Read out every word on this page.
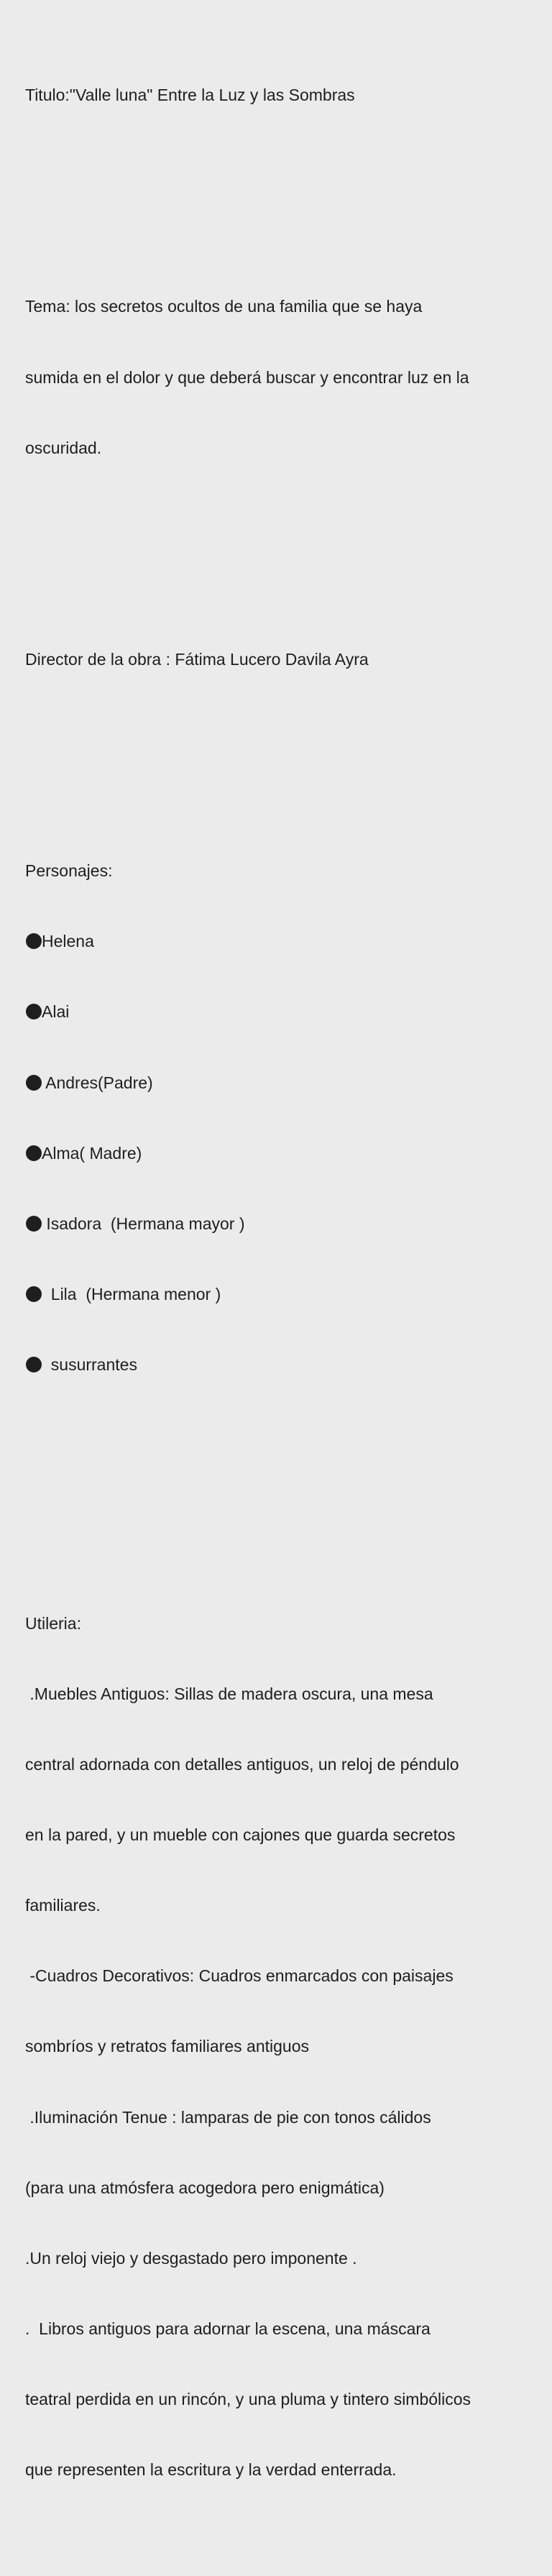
Titulo:"Valle luna" Entre la Luz y las Sombras

Tema: los secretos ocultos de una familia que se haya

sumida en el dolor y que deberá buscar y encontrar luz en la

oscuridad.

Director de la obra : Fátima Lucero Davila Ayra

Personajes:

Helena

Alai

Andres(Padre)

Alma( Madre)

Isadora  (Hermana mayor )

Lila  (Hermana menor )

susurrantes

Utileria:

.Muebles Antiguos: Sillas de madera oscura, una mesa

central adornada con detalles antiguos, un reloj de péndulo

en la pared, y un mueble con cajones que guarda secretos

familiares.

-Cuadros Decorativos: Cuadros enmarcados con paisajes

sombríos y retratos familiares antiguos

.Iluminación Tenue : lamparas de pie con tonos cálidos

(para una atmósfera acogedora pero enigmática)

.Un reloj viejo y desgastado pero imponente .

.  Libros antiguos para adornar la escena, una máscara

teatral perdida en un rincón, y una pluma y tintero simbólicos

que representen la escritura y la verdad enterrada.
